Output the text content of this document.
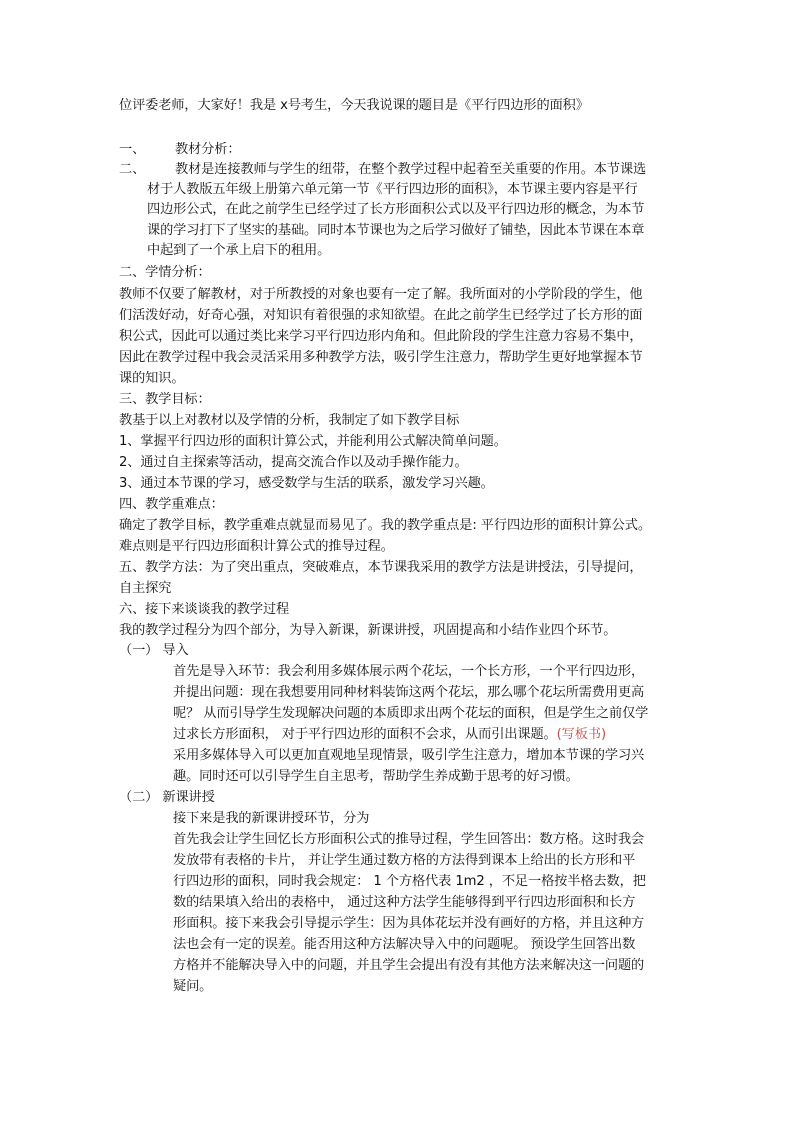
位评委老师，大家好！我是 x号考生，今天我说课的题目是《平行四边形的面积》
一、 教材分析：
二、 教材是连接教师与学生的纽带，在整个教学过程中起着至关重要的作用。本节课选
材于人教版五年级上册第六单元第一节《平行四边形的面积》，本节课主要内容是平行
四边形公式，在此之前学生已经学过了长方形面积公式以及平行四边形的概念，为本节
课的学习打下了坚实的基础。同时本节课也为之后学习做好了铺垫，因此本节课在本章
中起到了一个承上启下的租用。
二、学情分析：
教师不仅要了解教材，对于所教授的对象也要有一定了解。我所面对的小学阶段的学生，他
们活泼好动，好奇心强，对知识有着很强的求知欲望。在此之前学生已经学过了长方形的面
积公式，因此可以通过类比来学习平行四边形内角和。但此阶段的学生注意力容易不集中，
因此在教学过程中我会灵活采用多种教学方法，吸引学生注意力，帮助学生更好地掌握本节
课的知识。
三、教学目标：
教基于以上对教材以及学情的分析，我制定了如下教学目标
1、掌握平行四边形的面积计算公式，并能利用公式解决简单问题。
2、通过自主探索等活动，提高交流合作以及动手操作能力。
3、通过本节课的学习，感受数学与生活的联系，激发学习兴趣。
四、教学重难点：
确定了教学目标，教学重难点就显而易见了。我的教学重点是: 平行四边形的面积计算公式。
难点则是平行四边形面积计算公式的推导过程。
五、教学方法：为了突出重点，突破难点，本节课我采用的教学方法是讲授法，引导提问，
自主探究
六、接下来谈谈我的教学过程
我的教学过程分为四个部分，为导入新课，新课讲授，巩固提高和小结作业四个环节。
（一） 导入
首先是导入环节：我会利用多媒体展示两个花坛，一个长方形，一个平行四边形，
并提出问题：现在我想要用同种材料装饰这两个花坛，那么哪个花坛所需费用更高
呢？ 从而引导学生发现解决问题的本质即求出两个花坛的面积，但是学生之前仅学
过求长方形面积， 对于平行四边形的面积不会求，从而引出课题。(写板书)
采用多媒体导入可以更加直观地呈现情景，吸引学生注意力，增加本节课的学习兴
趣。同时还可以引导学生自主思考，帮助学生养成勤于思考的好习惯。
（二） 新课讲授
接下来是我的新课讲授环节，分为
首先我会让学生回忆长方形面积公式的推导过程，学生回答出：数方格。这时我会
发放带有表格的卡片， 并让学生通过数方格的方法得到课本上给出的长方形和平
行四边形的面积，同时我会规定： 1 个方格代表 1m2 ，不足一格按半格去数，把
数的结果填入给出的表格中， 通过这种方法学生能够得到平行四边形面积和长方
形面积。接下来我会引导提示学生：因为具体花坛并没有画好的方格，并且这种方
法也会有一定的误差。能否用这种方法解决导入中的问题呢。 预设学生回答出数
方格并不能解决导入中的问题，并且学生会提出有没有其他方法来解决这一问题的
疑问。
